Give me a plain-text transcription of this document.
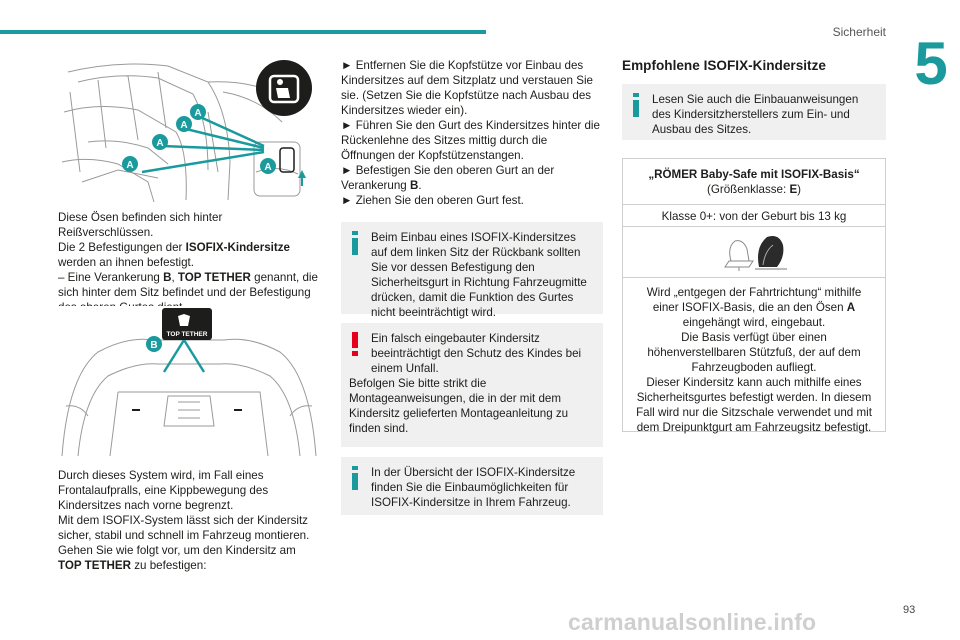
Sicherheit 5
A
A
A
A
A

Diese Ösen befinden sich hinter Reißverschlüssen.
Die 2 Befestigungen der ISOFIX-Kindersitze werden an ihnen befestigt.

– Eine Verankerung B, TOP TETHER genannt, die sich hinter dem Sitz befindet und der Befestigung

TOP TETHER
B

Durch dieses System wird, im Fall eines Frontalaufpralls, eine Kippbewegung des Kindersitzes nach vorne begrenzt.

Mit dem ISOFIX-System lässt sich der Kindersitz sicher, stabil und schnell im Fahrzeug montieren.

Gehen Sie wie folgt vor, um den Kindersitz am TOP TETHER zu befestigen:

► Entfernen Sie die Kopfstütze vor Einbau des Kindersitzes auf dem Sitzplatz und verstauen Sie sie. (Setzen Sie die Kopfstütze nach Ausbau des Kindersitzes wieder ein).

► Führen Sie den Gurt des Kindersitzes hinter die Rückenlehne des Sitzes mittig durch die Öffnungen der Kopfstützenstangen.

► Befestigen Sie den oberen Gurt an der Verankerung B.

► Ziehen Sie den oberen Gurt fest.

Beim Einbau eines ISOFIX-Kindersitzes auf dem linken Sitz der Rückbank sollten Sie vor dessen Befestigung den Sicherheitsgurt in Richtung Fahrzeugmitte drücken, damit die Funktion des Gurtes nicht beeinträchtigt wird.
Ein falsch eingebauter Kindersitz beeinträchtigt den Schutz des Kindes bei einem Unfall.
Befolgen Sie bitte strikt die Montageanweisungen, die in der mit dem Kindersitz gelieferten Montageanleitung zu finden sind.
In der Übersicht der ISOFIX-Kindersitze finden Sie die Einbaumöglichkeiten für ISOFIX-Kindersitze in Ihrem Fahrzeug.
Empfohlene ISOFIX-Kindersitze
Lesen Sie auch die Einbauanweisungen des Kindersitzherstellers zum Ein- und Ausbau des Sitzes.
„RÖMER Baby-Safe mit ISOFIX-Basis“
(Größenklasse: E)
Klasse 0+: von der Geburt bis 13 kg

Wird „entgegen der Fahrtrichtung“ mithilfe einer ISOFIX-Basis, die an den Ösen A eingehängt wird, eingebaut.

Die Basis verfügt über einen höhenverstellbaren Stützfuß, der auf dem Fahrzeugboden aufliegt.

Dieser Kindersitz kann auch mithilfe eines Sicherheitsgurtes befestigt werden. In diesem Fall wird nur die Sitzschale verwendet und mit dem Dreipunktgurt am Fahrzeugsitz befestigt.

carmanualsonline.info	93
